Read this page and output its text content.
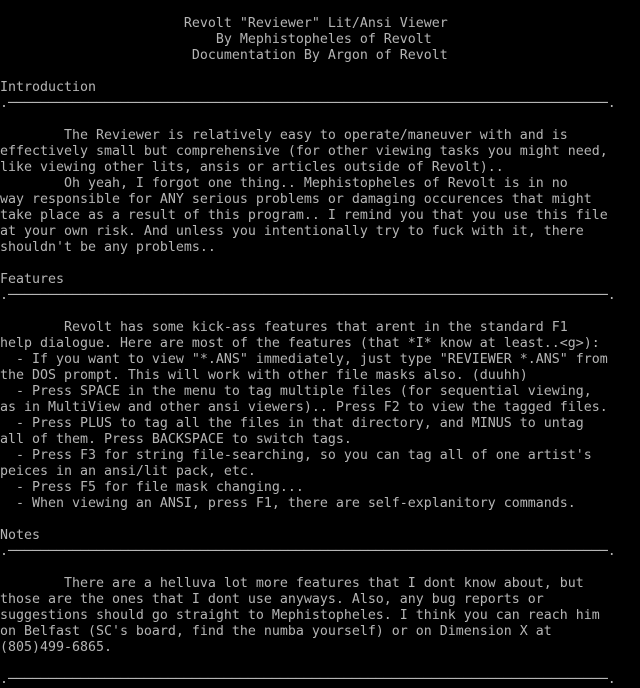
Revolt "Reviewer" Lit/Ansi Viewer
By Mephistopheles of Revolt
Documentation By Argon of Revolt
Introduction
.───────────────────────────────────────────────────────────────────────────.
The Reviewer is relatively easy to operate/maneuver with and is
effectively small but comprehensive (for other viewing tasks you might need,
like viewing other lits, ansis or articles outside of Revolt)..
Oh yeah, I forgot one thing.. Mephistopheles of Revolt is in no
way responsible for ANY serious problems or damaging occurences that might
take place as a result of this program.. I remind you that you use this file
at your own risk. And unless you intentionally try to fuck with it, there
shouldn't be any problems..
Features
.───────────────────────────────────────────────────────────────────────────.
Revolt has some kick-ass features that arent in the standard F1
help dialogue. Here are most of the features (that *I* know at least..<g>):
- If you want to view "*.ANS" immediately, just type "REVIEWER *.ANS" from
the DOS prompt. This will work with other file masks also. (duuhh)
- Press SPACE in the menu to tag multiple files (for sequential viewing,
as in MultiView and other ansi viewers).. Press F2 to view the tagged files.
- Press PLUS to tag all the files in that directory, and MINUS to untag
all of them. Press BACKSPACE to switch tags.
- Press F3 for string file-searching, so you can tag all of one artist's
peices in an ansi/lit pack, etc.
- Press F5 for file mask changing...
- When viewing an ANSI, press F1, there are self-explanitory commands.
Notes
.───────────────────────────────────────────────────────────────────────────.
There are a helluva lot more features that I dont know about, but
those are the ones that I dont use anyways. Also, any bug reports or
suggestions should go straight to Mephistopheles. I think you can reach him
on Belfast (SC's board, find the numba yourself) or on Dimension X at
(805)499-6865.
.───────────────────────────────────────────────────────────────────────────.
